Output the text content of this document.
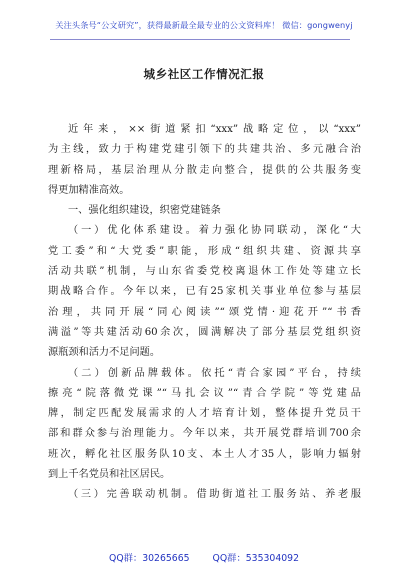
关注头条号“公文研究”，获得最新最全最专业的公文资料库！ 微信：gongwenyj
城乡社区工作情况汇报
近年来，××街道紧扣“xxx”战略定位，以“xxx”
为主线，致力于构建党建引领下的共建共治、多元融合治
理新格局，基层治理从分散走向整合，提供的公共服务变
得更加精准高效。
一、强化组织建设，织密党建链条
（一）优化体系建设。着力强化协同联动，深化“大
党工委”和“大党委”职能，形成“组织共建、资源共享
活动共联”机制，与山东省委党校离退休工作处等建立长
期战略合作。今年以来，已有25家机关事业单位参与基层
治理，共同开展“同心阅读”“颂党情·迎花开”“书香
满溢”等共建活动60余次，圆满解决了部分基层党组织资
源瓶颈和活力不足问题。
（二）创新品牌载体。依托“青合家园”平台，持续
擦亮“院落微党课”“马扎会议”“青合学院”等党建品
牌，制定匹配发展需求的人才培育计划，整体提升党员干
部和群众参与治理能力。今年以来，共开展党群培训700余
班次，孵化社区服务队10支、本土人才35人，影响力辐射
到上千名党员和社区居民。
（三）完善联动机制。借助街道社工服务站、养老服
QQ群：30265665 QQ群：535304092
